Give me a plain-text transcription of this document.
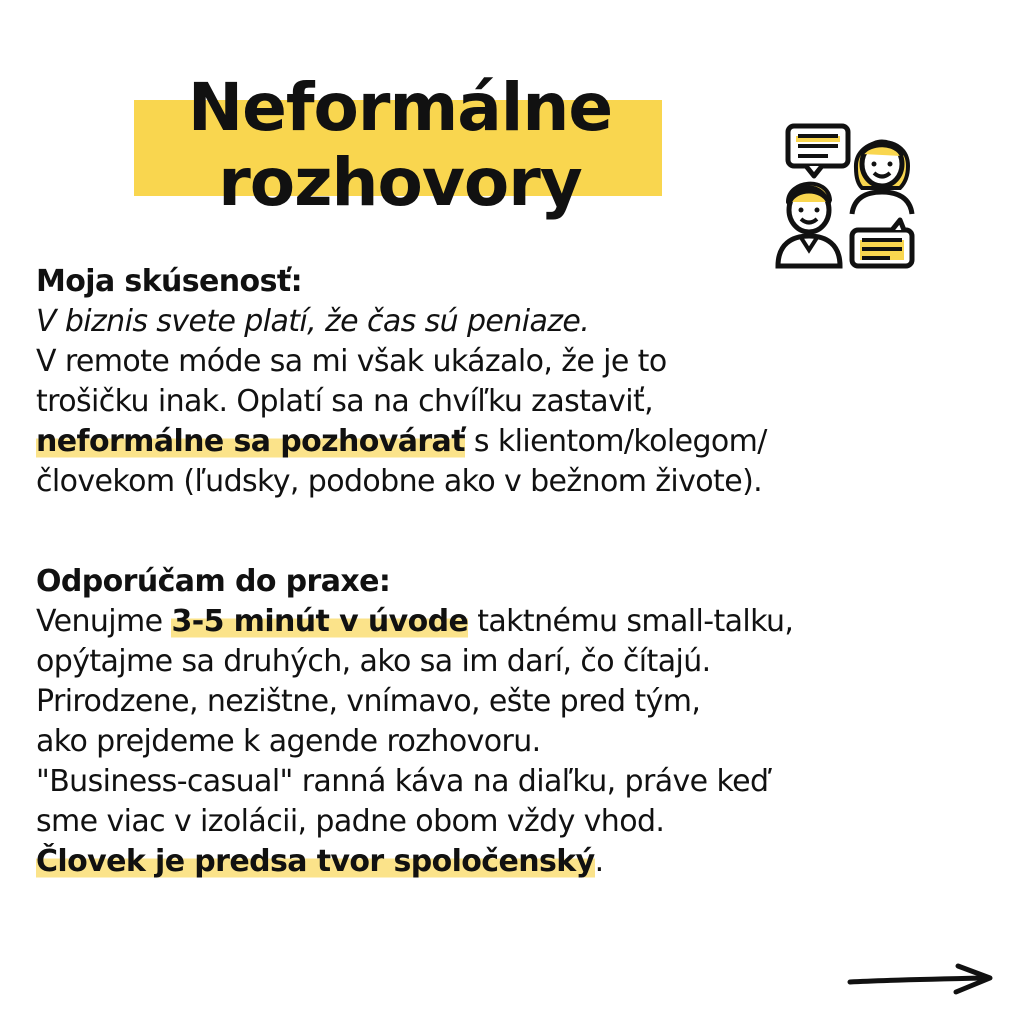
Neformálne
rozhovory
Moja skúsenosť:
V biznis svete platí, že čas sú peniaze.
V remote móde sa mi však ukázalo, že je to
trošičku inak. Oplatí sa na chvíľku zastaviť,
neformálne sa pozhovárať s klientom/kolegom/
človekom (ľudsky, podobne ako v bežnom živote).
Odporúčam do praxe:
Venujme 3-5 minút v úvode taktnému small-talku,
opýtajme sa druhých, ako sa im darí, čo čítajú.
Prirodzene, nezištne, vnímavo, ešte pred tým,
ako prejdeme k agende rozhovoru.
"Business-casual" ranná káva na diaľku, práve keď
sme viac v izolácii, padne obom vždy vhod.
Človek je predsa tvor spoločenský.
